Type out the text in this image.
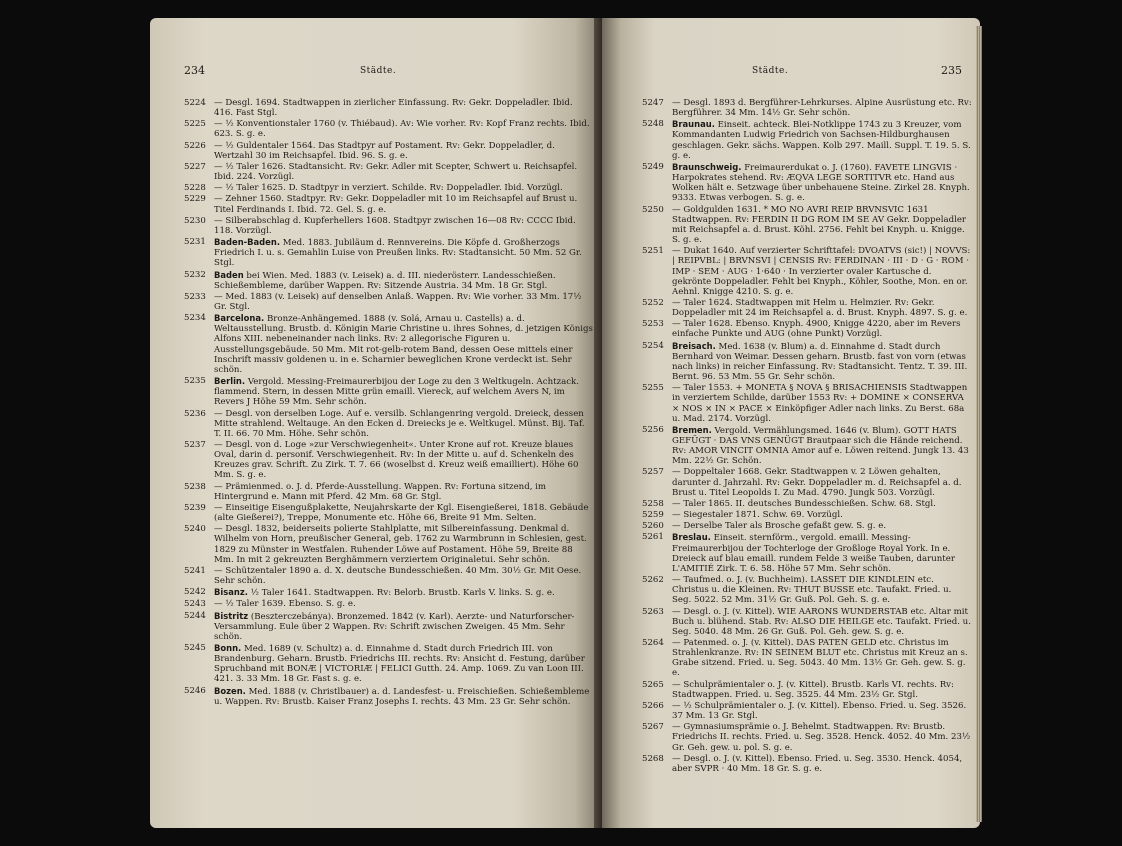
234	Städte.
5224 — Desgl. 1694. Stadtwappen in zierlicher Einfassung. Rv: Gekr. Doppeladler. Ibid. 416. Fast Stgl.
5225 — ½ Konventionstaler 1760 (v. Thiébaud). Av: Wie vorher. Rv: Kopf Franz rechts. Ibid. 623. S. g. e.
5226 — ½ Guldentaler 1564. Das Stadtpyr auf Postament. Rv: Gekr. Doppeladler, d. Wertzahl 30 im Reichsapfel. Ibid. 96. S. g. e.
5227 — ½ Taler 1626. Stadtansicht. Rv: Gekr. Adler mit Scepter, Schwert u. Reichsapfel. Ibid. 224. Vorzügl.
5228 — ½ Taler 1625. D. Stadtpyr in verziert. Schilde. Rv: Doppeladler. Ibid. Vorzügl.
5229 — Zehner 1560. Stadtpyr. Rv: Gekr. Doppeladler mit 10 im Reichsapfel auf Brust u. Titel Ferdinands I. Ibid. 72. Gel. S. g. e.
5230 — Silberabschlag d. Kupferhellers 1608. Stadtpyr zwischen 16—08 Rv: CCCC Ibid. 118. Vorzügl.
5231 Baden-Baden. Med. 1883. Jubiläum d. Rennvereins. Die Köpfe d. Großherzogs Friedrich I. u. s. Gemahlin Luise von Preußen links. Rv: Stadtansicht. 50 Mm. 52 Gr. Stgl.
5232 Baden bei Wien. Med. 1883 (v. Leisek) a. d. III. niederösterr. Landesschießen. Schießembleme, darüber Wappen. Rv: Sitzende Austria. 34 Mm. 18 Gr. Stgl.
5233 — Med. 1883 (v. Leisek) auf denselben Anlaß. Wappen. Rv: Wie vorher. 33 Mm. 17½ Gr. Stgl.
5234 Barcelona. Bronze-Anhängemed. 1888 (v. Solá, Arnau u. Castells) a. d. Weltausstellung. Brustb. d. Königin Marie Christine u. ihres Sohnes, d. jetzigen Königs Alfons XIII. nebeneinander nach links. Rv: 2 allegorische Figuren u. Ausstellungsgebäude. 50 Mm. Mit rot-gelb-rotem Band, dessen Oese mittels einer Inschrift massiv goldenen u. in e. Scharnier beweglichen Krone verdeckt ist. Sehr schön.
5235 Berlin. Vergold. Messing-Freimaurerbijou der Loge zu den 3 Weltkugeln. Achtzack. flammend. Stern, in dessen Mitte grün emaill. Viereck, auf welchem Avers N, im Revers J Höhe 59 Mm. Sehr schön.
5236 — Desgl. von derselben Loge. Auf e. versilb. Schlangenring vergold. Dreieck, dessen Mitte strahlend. Weltauge. An den Ecken d. Dreiecks je e. Weltkugel. Münst. Bij. Taf. T. II. 66. 70 Mm. Höhe. Sehr schön.
5237 — Desgl. von d. Loge »zur Verschwiegenheit«. Unter Krone auf rot. Kreuze blaues Oval, darin d. personif. Verschwiegenheit. Rv: In der Mitte u. auf d. Schenkeln des Kreuzes grav. Schrift. Zu Zirk. T. 7. 66 (woselbst d. Kreuz weiß emailliert). Höhe 60 Mm. S. g. e.
5238 — Prämienmed. o. J. d. Pferde-Ausstellung. Wappen. Rv: Fortuna sitzend, im Hintergrund e. Mann mit Pferd. 42 Mm. 68 Gr. Stgl.
5239 — Einseitige Eisengußplakette, Neujahrskarte der Kgl. Eisengießerei, 1818. Gebäude (alte Gießerei?), Treppe, Monumente etc. Höhe 66, Breite 91 Mm. Selten.
5240 — Desgl. 1832, beiderseits polierte Stahlplatte, mit Silbereinfassung. Denkmal d. Wilhelm von Horn, preußischer General, geb. 1762 zu Warmbrunn in Schlesien, gest. 1829 zu Münster in Westfalen. Ruhender Löwe auf Postament. Höhe 59, Breite 88 Mm. In mit 2 gekreuzten Berghämmern verziertem Originaletui. Sehr schön.
5241 — Schützentaler 1890 a. d. X. deutsche Bundesschießen. 40 Mm. 30½ Gr. Mit Oese. Sehr schön.
5242 Bisanz. ½ Taler 1641. Stadtwappen. Rv: Belorb. Brustb. Karls V. links. S. g. e.
5243 — ½ Taler 1639. Ebenso. S. g. e.
5244 Bistritz (Beszterczebánya). Bronzemed. 1842 (v. Karl). Aerzte- und Naturforscher-Versammlung. Eule über 2 Wappen. Rv: Schrift zwischen Zweigen. 45 Mm. Sehr schön.
5245 Bonn. Med. 1689 (v. Schultz) a. d. Einnahme d. Stadt durch Friedrich III. von Brandenburg. Geharn. Brustb. Friedrichs III. rechts. Rv: Ansicht d. Festung, darüber Spruchband mit BONÆ | VICTORIÆ | FELICI Gutth. 24. Amp. 1069. Zu van Loon III. 421. 3. 33 Mm. 18 Gr. Fast s. g. e.
5246 Bozen. Med. 1888 (v. Christlbauer) a. d. Landesfest- u. Freischießen. Schießembleme u. Wappen. Rv: Brustb. Kaiser Franz Josephs I. rechts. 43 Mm. 23 Gr. Sehr schön.
Städte.	235
5247 — Desgl. 1893 d. Bergführer-Lehrkurses. Alpine Ausrüstung etc. Rv: Bergführer. 34 Mm. 14½ Gr. Sehr schön.
5248 Braunau. Einseit. achteck. Blei-Notklippe 1743 zu 3 Kreuzer, vom Kommandanten Ludwig Friedrich von Sachsen-Hildburghausen geschlagen. Gekr. sächs. Wappen. Kolb 297. Maill. Suppl. T. 19. 5. S. g. e.
5249 Braunschweig. Freimaurerdukat o. J. (1760). FAVETE LINGVIS · Harpokrates stehend. Rv: ÆQVA LEGE SORTITVR etc. Hand aus Wolken hält e. Setzwage über unbehauene Steine. Zirkel 28. Knyph. 9333. Etwas verbogen. S. g. e.
5250 — Goldgulden 1631. * MO NO AVRI REIP BRVNSVIC 1631 Stadtwappen. Rv: FERDIN II DG ROM IM SE AV Gekr. Doppeladler mit Reichsapfel a. d. Brust. Köhl. 2756. Fehlt bei Knyph. u. Knigge. S. g. e.
5251 — Dukat 1640. Auf verzierter Schrifttafel: DVOATVS (sic!) | NOVVS: | REIPVBL: | BRVNSVI | CENSIS Rv: FERDINAN · III · D · G · ROM · IMP · SEM · AUG · 1·640 · In verzierter ovaler Kartusche d. gekrönte Doppeladler. Fehlt bei Knyph., Köhler, Soothe, Mon. en or. Aehnl. Knigge 4210. S. g. e.
5252 — Taler 1624. Stadtwappen mit Helm u. Helmzier. Rv: Gekr. Doppeladler mit 24 im Reichsapfel a. d. Brust. Knyph. 4897. S. g. e.
5253 — Taler 1628. Ebenso. Knyph. 4900, Knigge 4220, aber im Revers einfache Punkte und AUG (ohne Punkt) Vorzügl.
5254 Breisach. Med. 1638 (v. Blum) a. d. Einnahme d. Stadt durch Bernhard von Weimar. Dessen geharn. Brustb. fast von vorn (etwas nach links) in reicher Einfassung. Rv: Stadtansicht. Tentz. T. 39. III. Bernt. 96. 53 Mm. 55 Gr. Sehr schön.
5255 — Taler 1553. + MONETA § NOVA § BRISACHIENSIS Stadtwappen in verziertem Schilde, darüber 1553 Rv: + DOMINE × CONSERVA × NOS × IN × PACE × Einköpfiger Adler nach links. Zu Berst. 68a u. Mad. 2174. Vorzügl.
5256 Bremen. Vergold. Vermählungsmed. 1646 (v. Blum). GOTT HATS GEFÜGT · DAS VNS GENÜGT Brautpaar sich die Hände reichend. Rv: AMOR VINCIT OMNIA Amor auf e. Löwen reitend. Jungk 13. 43 Mm. 22½ Gr. Schön.
5257 — Doppeltaler 1668. Gekr. Stadtwappen v. 2 Löwen gehalten, darunter d. Jahrzahl. Rv: Gekr. Doppeladler m. d. Reichsapfel a. d. Brust u. Titel Leopolds I. Zu Mad. 4790. Jungk 503. Vorzügl.
5258 — Taler 1865. II. deutsches Bundesschießen. Schw. 68. Stgl.
5259 — Siegestaler 1871. Schw. 69. Vorzügl.
5260 — Derselbe Taler als Brosche gefaßt gew. S. g. e.
5261 Breslau. Einseit. sternförm., vergold. emaill. Messing-Freimaurerbijou der Tochterloge der Großloge Royal York. In e. Dreieck auf blau emaill. rundem Felde 3 weiße Tauben, darunter L'AMITIÉ Zirk. T. 6. 58. Höhe 57 Mm. Sehr schön.
5262 — Taufmed. o. J. (v. Buchheim). LASSET DIE KINDLEIN etc. Christus u. die Kleinen. Rv: THUT BUSSE etc. Taufakt. Fried. u. Seg. 5022. 52 Mm. 31½ Gr. Guß. Pol. Geh. S. g. e.
5263 — Desgl. o. J. (v. Kittel). WIE AARONS WUNDERSTAB etc. Altar mit Buch u. blühend. Stab. Rv: ALSO DIE HEILGE etc. Taufakt. Fried. u. Seg. 5040. 48 Mm. 26 Gr. Guß. Pol. Geh. gew. S. g. e.
5264 — Patenmed. o. J. (v. Kittel). DAS PATEN GELD etc. Christus im Strahlenkranze. Rv: IN SEINEM BLUT etc. Christus mit Kreuz an s. Grabe sitzend. Fried. u. Seg. 5043. 40 Mm. 13½ Gr. Geh. gew. S. g. e.
5265 — Schulprämientaler o. J. (v. Kittel). Brustb. Karls VI. rechts. Rv: Stadtwappen. Fried. u. Seg. 3525. 44 Mm. 23½ Gr. Stgl.
5266 — ½ Schulprämientaler o. J. (v. Kittel). Ebenso. Fried. u. Seg. 3526. 37 Mm. 13 Gr. Stgl.
5267 — Gymnasiumsprämie o. J. Behelmt. Stadtwappen. Rv: Brustb. Friedrichs II. rechts. Fried. u. Seg. 3528. Henck. 4052. 40 Mm. 23½ Gr. Geh. gew. u. pol. S. g. e.
5268 — Desgl. o. J. (v. Kittel). Ebenso. Fried. u. Seg. 3530. Henck. 4054, aber SVPR · 40 Mm. 18 Gr. S. g. e.
